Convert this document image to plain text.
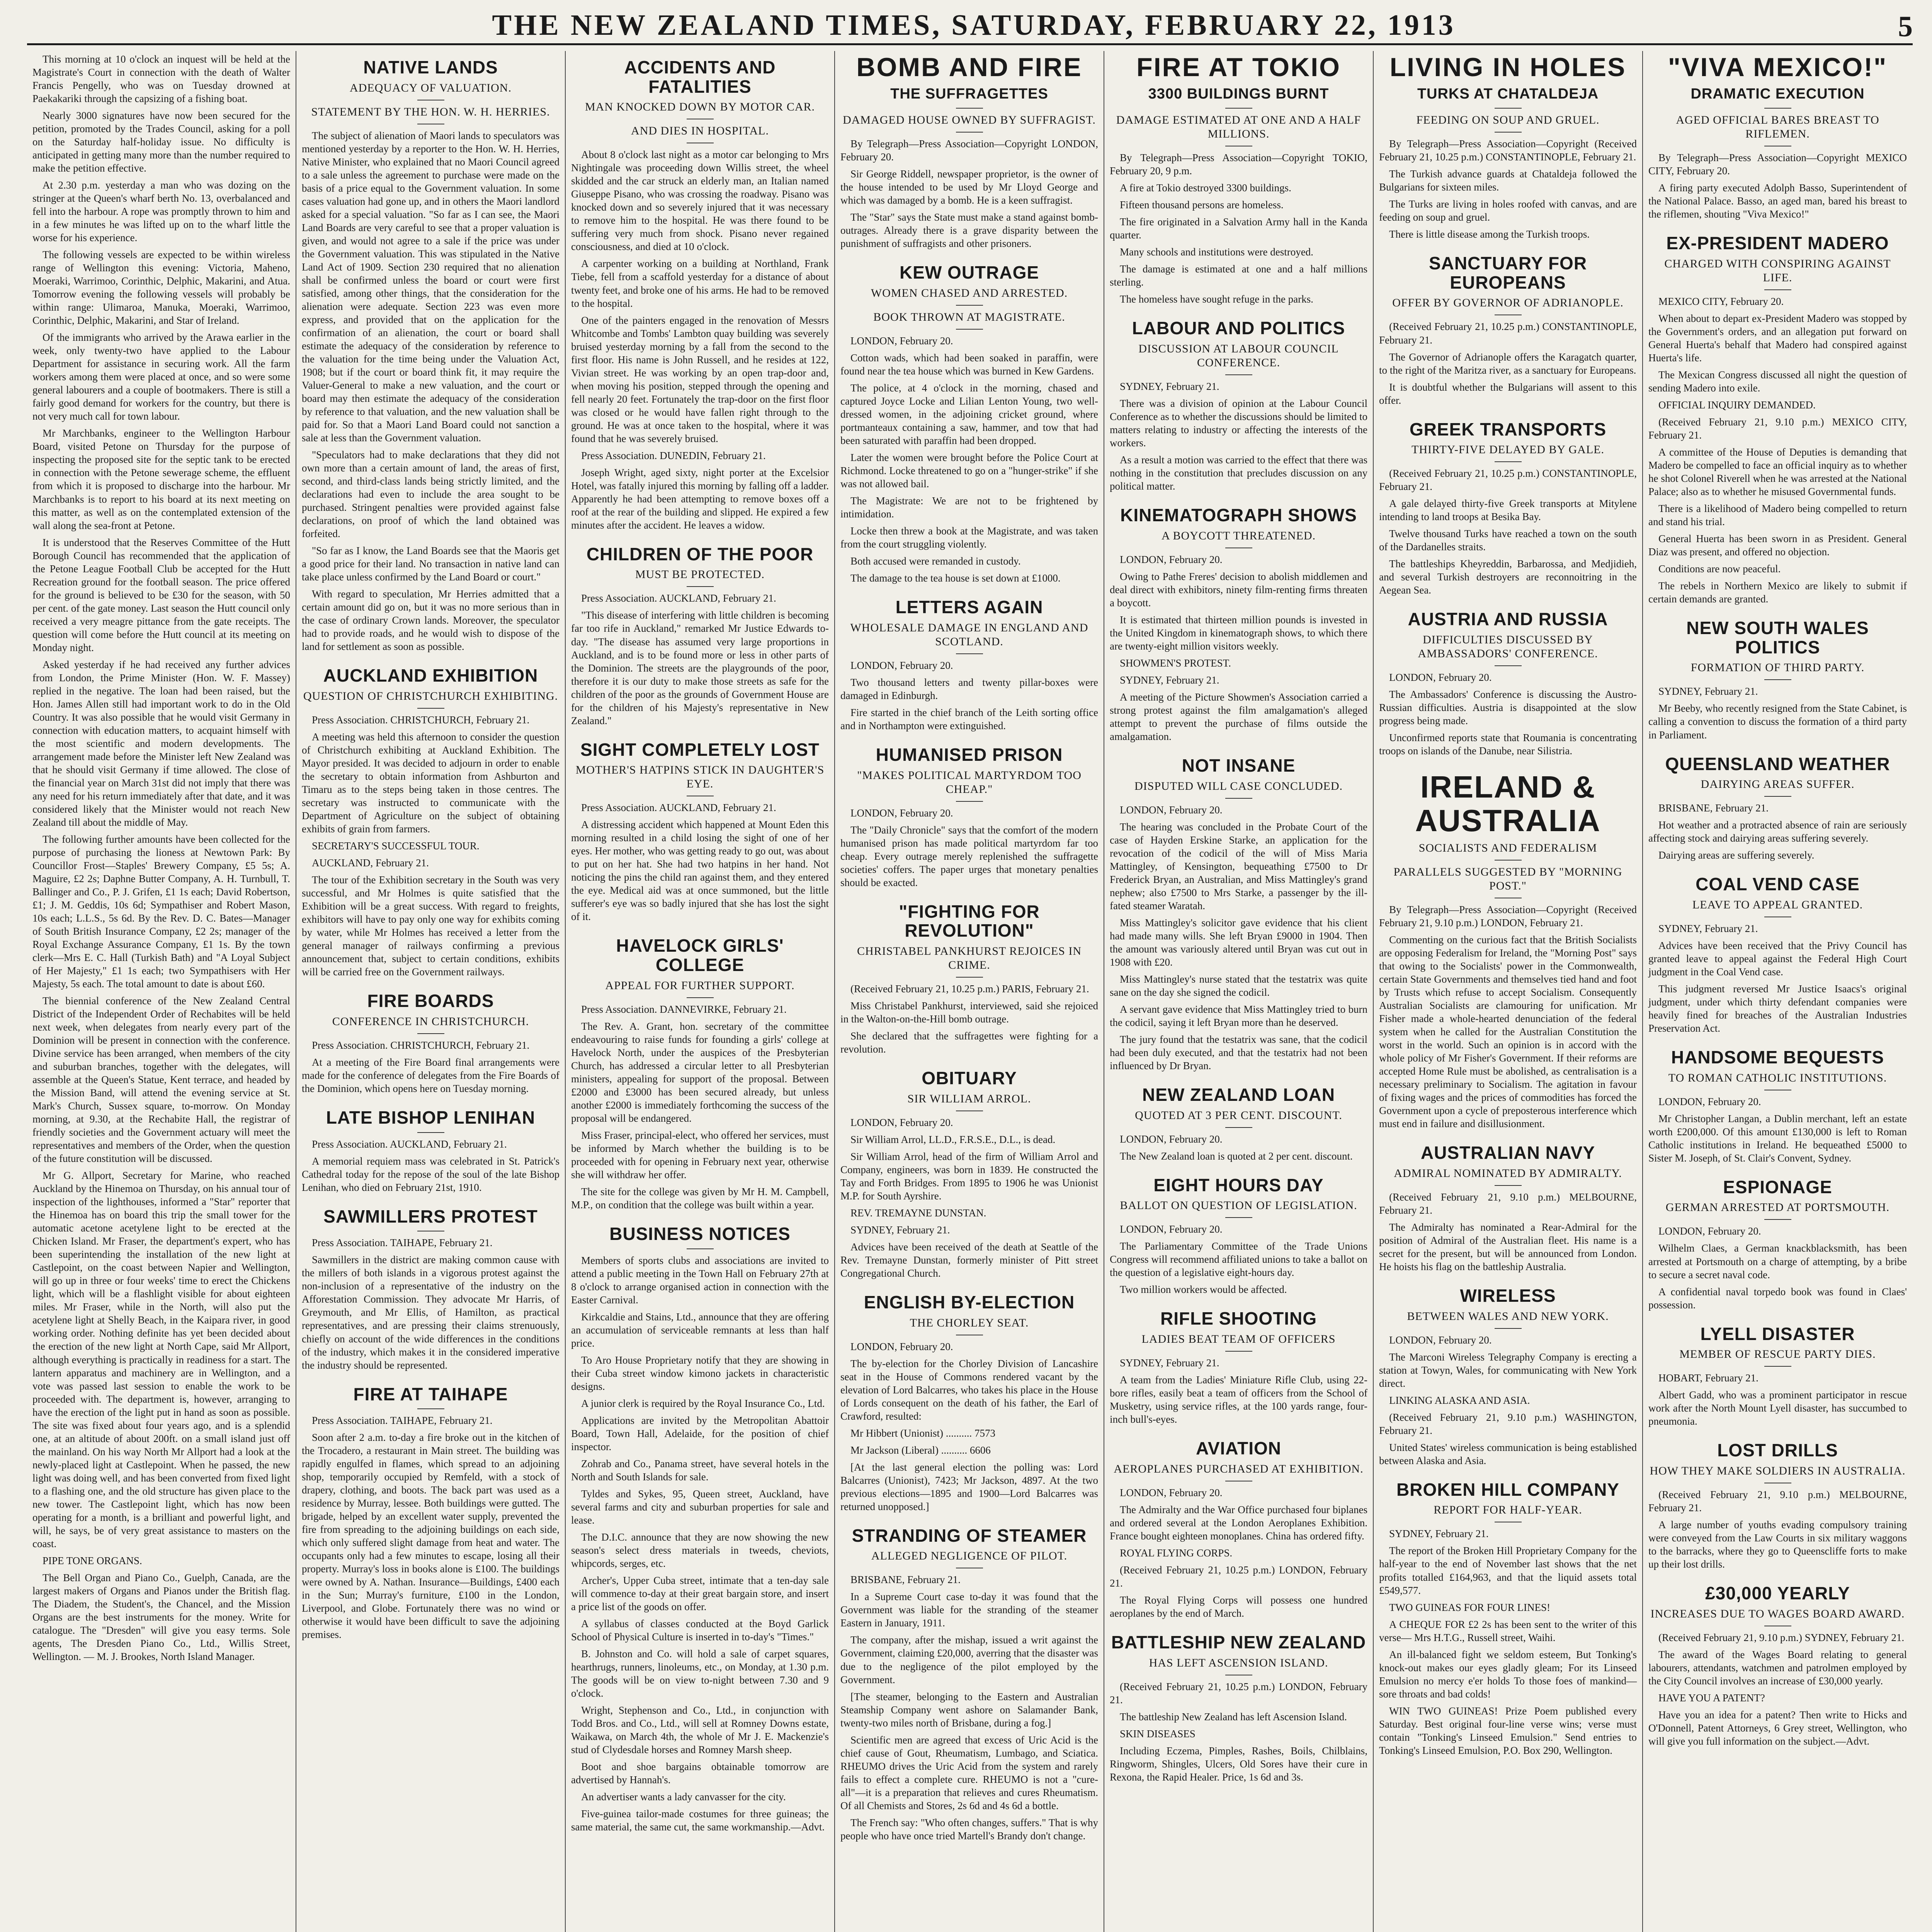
THE NEW ZEALAND TIMES, SATURDAY, FEBRUARY 22, 1913	5

This morning at 10 o'clock an inquest will be held at the Magistrate's Court in connection with the death of Walter Francis Pengelly, who was on Tuesday drowned at Paekakariki through the capsizing of a fishing boat.

Nearly 3000 signatures have now been secured for the petition, promoted by the Trades Council, asking for a poll on the Saturday half-holiday issue. No difficulty is anticipated in getting many more than the number required to make the petition effective.

At 2.30 p.m. yesterday a man who was dozing on the stringer at the Queen's wharf berth No. 13, overbalanced and fell into the harbour. A rope was promptly thrown to him and in a few minutes he was lifted up on to the wharf little the worse for his experience.

The following vessels are expected to be within wireless range of Wellington this evening: Victoria, Maheno, Moeraki, Warrimoo, Corinthic, Delphic, Makarini, and Atua. Tomorrow evening the following vessels will probably be within range: Ulimaroa, Manuka, Moeraki, Warrimoo, Corinthic, Delphic, Makarini, and Star of Ireland.

Of the immigrants who arrived by the Arawa earlier in the week, only twenty-two have applied to the Labour Department for assistance in securing work. All the farm workers among them were placed at once, and so were some general labourers and a couple of bootmakers. There is still a fairly good demand for workers for the country, but there is not very much call for town labour.

Mr Marchbanks, engineer to the Wellington Harbour Board, visited Petone on Thursday for the purpose of inspecting the proposed site for the septic tank to be erected in connection with the Petone sewerage scheme, the effluent from which it is proposed to discharge into the harbour. Mr Marchbanks is to report to his board at its next meeting on this matter, as well as on the contemplated extension of the wall along the sea-front at Petone.

It is understood that the Reserves Committee of the Hutt Borough Council has recommended that the application of the Petone League Football Club be accepted for the Hutt Recreation ground for the football season. The price offered for the ground is believed to be £30 for the season, with 50 per cent. of the gate money. Last season the Hutt council only received a very meagre pittance from the gate receipts. The question will come before the Hutt council at its meeting on Monday night.

Asked yesterday if he had received any further advices from London, the Prime Minister (Hon. W. F. Massey) replied in the negative. The loan had been raised, but the Hon. James Allen still had important work to do in the Old Country. It was also possible that he would visit Germany in connection with education matters, to acquaint himself with the most scientific and modern developments. The arrangement made before the Minister left New Zealand was that he should visit Germany if time allowed. The close of the financial year on March 31st did not imply that there was any need for his return immediately after that date, and it was considered likely that the Minister would not reach New Zealand till about the middle of May.

The following further amounts have been collected for the purpose of purchasing the lioness at Newtown Park: By Councillor Frost—Staples' Brewery Company, £5 5s; A. Maguire, £2 2s; Daphne Butter Company, A. H. Turnbull, T. Ballinger and Co., P. J. Grifen, £1 1s each; David Robertson, £1; J. M. Geddis, 10s 6d; Sympathiser and Robert Mason, 10s each; L.L.S., 5s 6d. By the Rev. D. C. Bates—Manager of South British Insurance Company, £2 2s; manager of the Royal Exchange Assurance Company, £1 1s. By the town clerk—Mrs E. C. Hall (Turkish Bath) and "A Loyal Subject of Her Majesty," £1 1s each; two Sympathisers with Her Majesty, 5s each. The total amount to date is about £60.

The biennial conference of the New Zealand Central District of the Independent Order of Rechabites will be held next week, when delegates from nearly every part of the Dominion will be present in connection with the conference. Divine service has been arranged, when members of the city and suburban branches, together with the delegates, will assemble at the Queen's Statue, Kent terrace, and headed by the Mission Band, will attend the evening service at St. Mark's Church, Sussex square, to-morrow. On Monday morning, at 9.30, at the Rechabite Hall, the registrar of friendly societies and the Government actuary will meet the representatives and members of the Order, when the question of the future constitution will be discussed.

Mr G. Allport, Secretary for Marine, who reached Auckland by the Hinemoa on Thursday, on his annual tour of inspection of the lighthouses, informed a "Star" reporter that the Hinemoa has on board this trip the small tower for the automatic acetone acetylene light to be erected at the Chicken Island. Mr Fraser, the department's expert, who has been superintending the installation of the new light at Castlepoint, on the coast between Napier and Wellington, will go up in three or four weeks' time to erect the Chickens light, which will be a flashlight visible for about eighteen miles. Mr Fraser, while in the North, will also put the acetylene light at Shelly Beach, in the Kaipara river, in good working order. Nothing definite has yet been decided about the erection of the new light at North Cape, said Mr Allport, although everything is practically in readiness for a start. The lantern apparatus and machinery are in Wellington, and a vote was passed last session to enable the work to be proceeded with. The department is, however, arranging to have the erection of the light put in hand as soon as possible. The site was fixed about four years ago, and is a splendid one, at an altitude of about 200ft. on a small island just off the mainland. On his way North Mr Allport had a look at the newly-placed light at Castlepoint. When he passed, the new light was doing well, and has been converted from fixed light to a flashing one, and the old structure has given place to the new tower. The Castlepoint light, which has now been operating for a month, is a brilliant and powerful light, and will, he says, be of very great assistance to masters on the coast.

PIPE TONE ORGANS.

The Bell Organ and Piano Co., Guelph, Canada, are the largest makers of Organs and Pianos under the British flag. The Diadem, the Student's, the Chancel, and the Mission Organs are the best instruments for the money. Write for catalogue. The "Dresden" will give you easy terms. Sole agents, The Dresden Piano Co., Ltd., Willis Street, Wellington. — M. J. Brookes, North Island Manager.

NATIVE LANDS
ADEQUACY OF VALUATION.
STATEMENT BY THE HON. W. H. HERRIES.

The subject of alienation of Maori lands to speculators was mentioned yesterday by a reporter to the Hon. W. H. Herries, Native Minister, who explained that no Maori Council agreed to a sale unless the agreement to purchase were made on the basis of a price equal to the Government valuation. In some cases valuation had gone up, and in others the Maori landlord asked for a special valuation. "So far as I can see, the Maori Land Boards are very careful to see that a proper valuation is given, and would not agree to a sale if the price was under the Government valuation. This was stipulated in the Native Land Act of 1909. Section 230 required that no alienation shall be confirmed unless the board or court were first satisfied, among other things, that the consideration for the alienation were adequate. Section 223 was even more express, and provided that on the application for the confirmation of an alienation, the court or board shall estimate the adequacy of the consideration by reference to the valuation for the time being under the Valuation Act, 1908; but if the court or board think fit, it may require the Valuer-General to make a new valuation, and the court or board may then estimate the adequacy of the consideration by reference to that valuation, and the new valuation shall be paid for. So that a Maori Land Board could not sanction a sale at less than the Government valuation.

"Speculators had to make declarations that they did not own more than a certain amount of land, the areas of first, second, and third-class lands being strictly limited, and the declarations had even to include the area sought to be purchased. Stringent penalties were provided against false declarations, on proof of which the land obtained was forfeited.

"So far as I know, the Land Boards see that the Maoris get a good price for their land. No transaction in native land can take place unless confirmed by the Land Board or court."

With regard to speculation, Mr Herries admitted that a certain amount did go on, but it was no more serious than in the case of ordinary Crown lands. Moreover, the speculator had to provide roads, and he would wish to dispose of the land for settlement as soon as possible.

AUCKLAND EXHIBITION
QUESTION OF CHRISTCHURCH EXHIBITING.

Press Association. CHRISTCHURCH, February 21.

A meeting was held this afternoon to consider the question of Christchurch exhibiting at Auckland Exhibition. The Mayor presided. It was decided to adjourn in order to enable the secretary to obtain information from Ashburton and Timaru as to the steps being taken in those centres. The secretary was instructed to communicate with the Department of Agriculture on the subject of obtaining exhibits of grain from farmers.

SECRETARY'S SUCCESSFUL TOUR.

AUCKLAND, February 21.

The tour of the Exhibition secretary in the South was very successful, and Mr Holmes is quite satisfied that the Exhibition will be a great success. With regard to freights, exhibitors will have to pay only one way for exhibits coming by water, while Mr Holmes has received a letter from the general manager of railways confirming a previous announcement that, subject to certain conditions, exhibits will be carried free on the Government railways.

FIRE BOARDS
CONFERENCE IN CHRISTCHURCH.

Press Association. CHRISTCHURCH, February 21.

At a meeting of the Fire Board final arrangements were made for the conference of delegates from the Fire Boards of the Dominion, which opens here on Tuesday morning.

LATE BISHOP LENIHAN

Press Association. AUCKLAND, February 21.

A memorial requiem mass was celebrated in St. Patrick's Cathedral today for the repose of the soul of the late Bishop Lenihan, who died on February 21st, 1910.

SAWMILLERS PROTEST

Press Association. TAIHAPE, February 21.

Sawmillers in the district are making common cause with the millers of both islands in a vigorous protest against the non-inclusion of a representative of the industry on the Afforestation Commission. They advocate Mr Harris, of Greymouth, and Mr Ellis, of Hamilton, as practical representatives, and are pressing their claims strenuously, chiefly on account of the wide differences in the conditions of the industry, which makes it in the considered imperative the industry should be represented.

FIRE AT TAIHAPE

Press Association. TAIHAPE, February 21.

Soon after 2 a.m. to-day a fire broke out in the kitchen of the Trocadero, a restaurant in Main street. The building was rapidly engulfed in flames, which spread to an adjoining shop, temporarily occupied by Remfeld, with a stock of drapery, clothing, and boots. The back part was used as a residence by Murray, lessee. Both buildings were gutted. The brigade, helped by an excellent water supply, prevented the fire from spreading to the adjoining buildings on each side, which only suffered slight damage from heat and water. The occupants only had a few minutes to escape, losing all their property. Murray's loss in books alone is £100. The buildings were owned by A. Nathan. Insurance—Buildings, £400 each in the Sun; Murray's furniture, £100 in the London, Liverpool, and Globe. Fortunately there was no wind or otherwise it would have been difficult to save the adjoining premises.

ACCIDENTS AND FATALITIES
MAN KNOCKED DOWN BY MOTOR CAR.
AND DIES IN HOSPITAL.

About 8 o'clock last night as a motor car belonging to Mrs Nightingale was proceeding down Willis street, the wheel skidded and the car struck an elderly man, an Italian named Giuseppe Pisano, who was crossing the roadway. Pisano was knocked down and so severely injured that it was necessary to remove him to the hospital. He was there found to be suffering very much from shock. Pisano never regained consciousness, and died at 10 o'clock.

A carpenter working on a building at Northland, Frank Tiebe, fell from a scaffold yesterday for a distance of about twenty feet, and broke one of his arms. He had to be removed to the hospital.

One of the painters engaged in the renovation of Messrs Whitcombe and Tombs' Lambton quay building was severely bruised yesterday morning by a fall from the second to the first floor. His name is John Russell, and he resides at 122, Vivian street. He was working by an open trap-door and, when moving his position, stepped through the opening and fell nearly 20 feet. Fortunately the trap-door on the first floor was closed or he would have fallen right through to the ground. He was at once taken to the hospital, where it was found that he was severely bruised.

Press Association. DUNEDIN, February 21.

Joseph Wright, aged sixty, night porter at the Excelsior Hotel, was fatally injured this morning by falling off a ladder. Apparently he had been attempting to remove boxes off a roof at the rear of the building and slipped. He expired a few minutes after the accident. He leaves a widow.

CHILDREN OF THE POOR
MUST BE PROTECTED.

Press Association. AUCKLAND, February 21.

"This disease of interfering with little children is becoming far too rife in Auckland," remarked Mr Justice Edwards to-day. "The disease has assumed very large proportions in Auckland, and is to be found more or less in other parts of the Dominion. The streets are the playgrounds of the poor, therefore it is our duty to make those streets as safe for the children of the poor as the grounds of Government House are for the children of his Majesty's representative in New Zealand."

SIGHT COMPLETELY LOST
MOTHER'S HATPINS STICK IN DAUGHTER'S EYE.

Press Association. AUCKLAND, February 21.

A distressing accident which happened at Mount Eden this morning resulted in a child losing the sight of one of her eyes. Her mother, who was getting ready to go out, was about to put on her hat. She had two hatpins in her hand. Not noticing the pins the child ran against them, and they entered the eye. Medical aid was at once summoned, but the little sufferer's eye was so badly injured that she has lost the sight of it.

HAVELOCK GIRLS' COLLEGE
APPEAL FOR FURTHER SUPPORT.

Press Association. DANNEVIRKE, February 21.

The Rev. A. Grant, hon. secretary of the committee endeavouring to raise funds for founding a girls' college at Havelock North, under the auspices of the Presbyterian Church, has addressed a circular letter to all Presbyterian ministers, appealing for support of the proposal. Between £2000 and £3000 has been secured already, but unless another £2000 is immediately forthcoming the success of the proposal will be endangered.

Miss Fraser, principal-elect, who offered her services, must be informed by March whether the building is to be proceeded with for opening in February next year, otherwise she will withdraw her offer.

The site for the college was given by Mr H. M. Campbell, M.P., on condition that the college was built within a year.

BUSINESS NOTICES

Members of sports clubs and associations are invited to attend a public meeting in the Town Hall on February 27th at 8 o'clock to arrange organised action in connection with the Easter Carnival.

Kirkcaldie and Stains, Ltd., announce that they are offering an accumulation of serviceable remnants at less than half price.

To Aro House Proprietary notify that they are showing in their Cuba street window kimono jackets in characteristic designs.

A junior clerk is required by the Royal Insurance Co., Ltd.

Applications are invited by the Metropolitan Abattoir Board, Town Hall, Adelaide, for the position of chief inspector.

Zohrab and Co., Panama street, have several hotels in the North and South Islands for sale.

Tyldes and Sykes, 95, Queen street, Auckland, have several farms and city and suburban properties for sale and lease.

The D.I.C. announce that they are now showing the new season's select dress materials in tweeds, cheviots, whipcords, serges, etc.

Archer's, Upper Cuba street, intimate that a ten-day sale will commence to-day at their great bargain store, and insert a price list of the goods on offer.

A syllabus of classes conducted at the Boyd Garlick School of Physical Culture is inserted in to-day's "Times."

B. Johnston and Co. will hold a sale of carpet squares, hearthrugs, runners, linoleums, etc., on Monday, at 1.30 p.m. The goods will be on view to-night between 7.30 and 9 o'clock.

Wright, Stephenson and Co., Ltd., in conjunction with Todd Bros. and Co., Ltd., will sell at Romney Downs estate, Waikawa, on March 4th, the whole of Mr J. E. Mackenzie's stud of Clydesdale horses and Romney Marsh sheep.

Boot and shoe bargains obtainable tomorrow are advertised by Hannah's.

An advertiser wants a lady canvasser for the city.

Five-guinea tailor-made costumes for three guineas; the same material, the same cut, the same workmanship.—Advt.

BOMB AND FIRE
THE SUFFRAGETTES
DAMAGED HOUSE OWNED BY SUFFRAGIST.

By Telegraph—Press Association—Copyright LONDON, February 20.

Sir George Riddell, newspaper proprietor, is the owner of the house intended to be used by Mr Lloyd George and which was damaged by a bomb. He is a keen suffragist.

The "Star" says the State must make a stand against bomb-outrages. Already there is a grave disparity between the punishment of suffragists and other prisoners.

KEW OUTRAGE
WOMEN CHASED AND ARRESTED.
BOOK THROWN AT MAGISTRATE.

LONDON, February 20.

Cotton wads, which had been soaked in paraffin, were found near the tea house which was burned in Kew Gardens.

The police, at 4 o'clock in the morning, chased and captured Joyce Locke and Lilian Lenton Young, two well-dressed women, in the adjoining cricket ground, where portmanteaux containing a saw, hammer, and tow that had been saturated with paraffin had been dropped.

Later the women were brought before the Police Court at Richmond. Locke threatened to go on a "hunger-strike" if she was not allowed bail.

The Magistrate: We are not to be frightened by intimidation.

Locke then threw a book at the Magistrate, and was taken from the court struggling violently.

Both accused were remanded in custody.

The damage to the tea house is set down at £1000.

LETTERS AGAIN
WHOLESALE DAMAGE IN ENGLAND AND SCOTLAND.

LONDON, February 20.

Two thousand letters and twenty pillar-boxes were damaged in Edinburgh.

Fire started in the chief branch of the Leith sorting office and in Northampton were extinguished.

HUMANISED PRISON
"MAKES POLITICAL MARTYRDOM TOO CHEAP."

LONDON, February 20.

The "Daily Chronicle" says that the comfort of the modern humanised prison has made political martyrdom far too cheap. Every outrage merely replenished the suffragette societies' coffers. The paper urges that monetary penalties should be exacted.

"FIGHTING FOR REVOLUTION"
CHRISTABEL PANKHURST REJOICES IN CRIME.

(Received February 21, 10.25 p.m.) PARIS, February 21.

Miss Christabel Pankhurst, interviewed, said she rejoiced in the Walton-on-the-Hill bomb outrage.

She declared that the suffragettes were fighting for a revolution.

OBITUARY
SIR WILLIAM ARROL.

LONDON, February 20.

Sir William Arrol, LL.D., F.R.S.E., D.L., is dead.

Sir William Arrol, head of the firm of William Arrol and Company, engineers, was born in 1839. He constructed the Tay and Forth Bridges. From 1895 to 1906 he was Unionist M.P. for South Ayrshire.

REV. TREMAYNE DUNSTAN.

SYDNEY, February 21.

Advices have been received of the death at Seattle of the Rev. Tremayne Dunstan, formerly minister of Pitt street Congregational Church.

ENGLISH BY-ELECTION
THE CHORLEY SEAT.

LONDON, February 20.

The by-election for the Chorley Division of Lancashire seat in the House of Commons rendered vacant by the elevation of Lord Balcarres, who takes his place in the House of Lords consequent on the death of his father, the Earl of Crawford, resulted:

Mr Hibbert (Unionist) .......... 7573

Mr Jackson (Liberal) .......... 6606

[At the last general election the polling was: Lord Balcarres (Unionist), 7423; Mr Jackson, 4897. At the two previous elections—1895 and 1900—Lord Balcarres was returned unopposed.]

STRANDING OF STEAMER
ALLEGED NEGLIGENCE OF PILOT.

BRISBANE, February 21.

In a Supreme Court case to-day it was found that the Government was liable for the stranding of the steamer Eastern in January, 1911.

The company, after the mishap, issued a writ against the Government, claiming £20,000, averring that the disaster was due to the negligence of the pilot employed by the Government.

[The steamer, belonging to the Eastern and Australian Steamship Company went ashore on Salamander Bank, twenty-two miles north of Brisbane, during a fog.]

Scientific men are agreed that excess of Uric Acid is the chief cause of Gout, Rheumatism, Lumbago, and Sciatica. RHEUMO drives the Uric Acid from the system and rarely fails to effect a complete cure. RHEUMO is not a "cure-all"—it is a preparation that relieves and cures Rheumatism. Of all Chemists and Stores, 2s 6d and 4s 6d a bottle.

The French say: "Who often changes, suffers." That is why people who have once tried Martell's Brandy don't change.

FIRE AT TOKIO
3300 BUILDINGS BURNT
DAMAGE ESTIMATED AT ONE AND A HALF MILLIONS.

By Telegraph—Press Association—Copyright TOKIO, February 20, 9 p.m.

A fire at Tokio destroyed 3300 buildings.

Fifteen thousand persons are homeless.

The fire originated in a Salvation Army hall in the Kanda quarter.

Many schools and institutions were destroyed.

The damage is estimated at one and a half millions sterling.

The homeless have sought refuge in the parks.

LABOUR AND POLITICS
DISCUSSION AT LABOUR COUNCIL CONFERENCE.

SYDNEY, February 21.

There was a division of opinion at the Labour Council Conference as to whether the discussions should be limited to matters relating to industry or affecting the interests of the workers.

As a result a motion was carried to the effect that there was nothing in the constitution that precludes discussion on any political matter.

KINEMATOGRAPH SHOWS
A BOYCOTT THREATENED.

LONDON, February 20.

Owing to Pathe Freres' decision to abolish middlemen and deal direct with exhibitors, ninety film-renting firms threaten a boycott.

It is estimated that thirteen million pounds is invested in the United Kingdom in kinematograph shows, to which there are twenty-eight million visitors weekly.

SHOWMEN'S PROTEST.

SYDNEY, February 21.

A meeting of the Picture Showmen's Association carried a strong protest against the film amalgamation's alleged attempt to prevent the purchase of films outside the amalgamation.

NOT INSANE
DISPUTED WILL CASE CONCLUDED.

LONDON, February 20.

The hearing was concluded in the Probate Court of the case of Hayden Erskine Starke, an application for the revocation of the codicil of the will of Miss Maria Mattingley, of Kensington, bequeathing £7500 to Dr Frederick Bryan, an Australian, and Miss Mattingley's grand nephew; also £7500 to Mrs Starke, a passenger by the ill-fated steamer Waratah.

Miss Mattingley's solicitor gave evidence that his client had made many wills. She left Bryan £9000 in 1904. Then the amount was variously altered until Bryan was cut out in 1908 with £20.

Miss Mattingley's nurse stated that the testatrix was quite sane on the day she signed the codicil.

A servant gave evidence that Miss Mattingley tried to burn the codicil, saying it left Bryan more than he deserved.

The jury found that the testatrix was sane, that the codicil had been duly executed, and that the testatrix had not been influenced by Dr Bryan.

NEW ZEALAND LOAN
QUOTED AT 3 PER CENT. DISCOUNT.

LONDON, February 20.

The New Zealand loan is quoted at 2 per cent. discount.

EIGHT HOURS DAY
BALLOT ON QUESTION OF LEGISLATION.

LONDON, February 20.

The Parliamentary Committee of the Trade Unions Congress will recommend affiliated unions to take a ballot on the question of a legislative eight-hours day.

Two million workers would be affected.

RIFLE SHOOTING
LADIES BEAT TEAM OF OFFICERS

SYDNEY, February 21.

A team from the Ladies' Miniature Rifle Club, using 22-bore rifles, easily beat a team of officers from the School of Musketry, using service rifles, at the 100 yards range, four-inch bull's-eyes.

AVIATION
AEROPLANES PURCHASED AT EXHIBITION.

LONDON, February 20.

The Admiralty and the War Office purchased four biplanes and ordered several at the London Aeroplanes Exhibition. France bought eighteen monoplanes. China has ordered fifty.

ROYAL FLYING CORPS.

(Received February 21, 10.25 p.m.) LONDON, February 21.

The Royal Flying Corps will possess one hundred aeroplanes by the end of March.

BATTLESHIP NEW ZEALAND
HAS LEFT ASCENSION ISLAND.

(Received February 21, 10.25 p.m.) LONDON, February 21.

The battleship New Zealand has left Ascension Island.

SKIN DISEASES

Including Eczema, Pimples, Rashes, Boils, Chilblains, Ringworm, Shingles, Ulcers, Old Sores have their cure in Rexona, the Rapid Healer. Price, 1s 6d and 3s.

LIVING IN HOLES
TURKS AT CHATALDEJA
FEEDING ON SOUP AND GRUEL.

By Telegraph—Press Association—Copyright (Received February 21, 10.25 p.m.) CONSTANTINOPLE, February 21.

The Turkish advance guards at Chataldeja followed the Bulgarians for sixteen miles.

The Turks are living in holes roofed with canvas, and are feeding on soup and gruel.

There is little disease among the Turkish troops.

SANCTUARY FOR EUROPEANS
OFFER BY GOVERNOR OF ADRIANOPLE.

(Received February 21, 10.25 p.m.) CONSTANTINOPLE, February 21.

The Governor of Adrianople offers the Karagatch quarter, to the right of the Maritza river, as a sanctuary for Europeans.

It is doubtful whether the Bulgarians will assent to this offer.

GREEK TRANSPORTS
THIRTY-FIVE DELAYED BY GALE.

(Received February 21, 10.25 p.m.) CONSTANTINOPLE, February 21.

A gale delayed thirty-five Greek transports at Mitylene intending to land troops at Besika Bay.

Twelve thousand Turks have reached a town on the south of the Dardanelles straits.

The battleships Kheyreddin, Barbarossa, and Medjidieh, and several Turkish destroyers are reconnoitring in the Aegean Sea.

AUSTRIA AND RUSSIA
DIFFICULTIES DISCUSSED BY AMBASSADORS' CONFERENCE.

LONDON, February 20.

The Ambassadors' Conference is discussing the Austro-Russian difficulties. Austria is disappointed at the slow progress being made.

Unconfirmed reports state that Roumania is concentrating troops on islands of the Danube, near Silistria.

IRELAND & AUSTRALIA
SOCIALISTS AND FEDERALISM
PARALLELS SUGGESTED BY "MORNING POST."

By Telegraph—Press Association—Copyright (Received February 21, 9.10 p.m.) LONDON, February 21.

Commenting on the curious fact that the British Socialists are opposing Federalism for Ireland, the "Morning Post" says that owing to the Socialists' power in the Commonwealth, certain State Governments and themselves tied hand and foot by Trusts which refuse to accept Socialism. Consequently Australian Socialists are clamouring for unification. Mr Fisher made a whole-hearted denunciation of the federal system when he called for the Australian Constitution the worst in the world. Such an opinion is in accord with the whole policy of Mr Fisher's Government. If their reforms are accepted Home Rule must be abolished, as centralisation is a necessary preliminary to Socialism. The agitation in favour of fixing wages and the prices of commodities has forced the Government upon a cycle of preposterous interference which must end in failure and disillusionment.

AUSTRALIAN NAVY
ADMIRAL NOMINATED BY ADMIRALTY.

(Received February 21, 9.10 p.m.) MELBOURNE, February 21.

The Admiralty has nominated a Rear-Admiral for the position of Admiral of the Australian fleet. His name is a secret for the present, but will be announced from London. He hoists his flag on the battleship Australia.

WIRELESS
BETWEEN WALES AND NEW YORK.

LONDON, February 20.

The Marconi Wireless Telegraphy Company is erecting a station at Towyn, Wales, for communicating with New York direct.

LINKING ALASKA AND ASIA.

(Received February 21, 9.10 p.m.) WASHINGTON, February 21.

United States' wireless communication is being established between Alaska and Asia.

BROKEN HILL COMPANY
REPORT FOR HALF-YEAR.

SYDNEY, February 21.

The report of the Broken Hill Proprietary Company for the half-year to the end of November last shows that the net profits totalled £164,963, and that the liquid assets total £549,577.

TWO GUINEAS FOR FOUR LINES!

A CHEQUE FOR £2 2s has been sent to the writer of this verse— Mrs H.T.G., Russell street, Waihi.

An ill-balanced fight we seldom esteem, But Tonking's knock-out makes our eyes gladly gleam; For its Linseed Emulsion no mercy e'er holds To those foes of mankind—sore throats and bad colds!

WIN TWO GUINEAS! Prize Poem published every Saturday. Best original four-line verse wins; verse must contain "Tonking's Linseed Emulsion." Send entries to Tonking's Linseed Emulsion, P.O. Box 290, Wellington.

"VIVA MEXICO!"
DRAMATIC EXECUTION
AGED OFFICIAL BARES BREAST TO RIFLEMEN.

By Telegraph—Press Association—Copyright MEXICO CITY, February 20.

A firing party executed Adolph Basso, Superintendent of the National Palace. Basso, an aged man, bared his breast to the riflemen, shouting "Viva Mexico!"

EX-PRESIDENT MADERO
CHARGED WITH CONSPIRING AGAINST LIFE.

MEXICO CITY, February 20.

When about to depart ex-President Madero was stopped by the Government's orders, and an allegation put forward on General Huerta's behalf that Madero had conspired against Huerta's life.

The Mexican Congress discussed all night the question of sending Madero into exile.

OFFICIAL INQUIRY DEMANDED.

(Received February 21, 9.10 p.m.) MEXICO CITY, February 21.

A committee of the House of Deputies is demanding that Madero be compelled to face an official inquiry as to whether he shot Colonel Riverell when he was arrested at the National Palace; also as to whether he misused Governmental funds.

There is a likelihood of Madero being compelled to return and stand his trial.

General Huerta has been sworn in as President. General Diaz was present, and offered no objection.

Conditions are now peaceful.

The rebels in Northern Mexico are likely to submit if certain demands are granted.

NEW SOUTH WALES POLITICS
FORMATION OF THIRD PARTY.

SYDNEY, February 21.

Mr Beeby, who recently resigned from the State Cabinet, is calling a convention to discuss the formation of a third party in Parliament.

QUEENSLAND WEATHER
DAIRYING AREAS SUFFER.

BRISBANE, February 21.

Hot weather and a protracted absence of rain are seriously affecting stock and dairying areas suffering severely.

Dairying areas are suffering severely.

COAL VEND CASE
LEAVE TO APPEAL GRANTED.

SYDNEY, February 21.

Advices have been received that the Privy Council has granted leave to appeal against the Federal High Court judgment in the Coal Vend case.

This judgment reversed Mr Justice Isaacs's original judgment, under which thirty defendant companies were heavily fined for breaches of the Australian Industries Preservation Act.

HANDSOME BEQUESTS
TO ROMAN CATHOLIC INSTITUTIONS.

LONDON, February 20.

Mr Christopher Langan, a Dublin merchant, left an estate worth £200,000. Of this amount £130,000 is left to Roman Catholic institutions in Ireland. He bequeathed £5000 to Sister M. Joseph, of St. Clair's Convent, Sydney.

ESPIONAGE
GERMAN ARRESTED AT PORTSMOUTH.

LONDON, February 20.

Wilhelm Claes, a German knackblacksmith, has been arrested at Portsmouth on a charge of attempting, by a bribe to secure a secret naval code.

A confidential naval torpedo book was found in Claes' possession.

LYELL DISASTER
MEMBER OF RESCUE PARTY DIES.

HOBART, February 21.

Albert Gadd, who was a prominent participator in rescue work after the North Mount Lyell disaster, has succumbed to pneumonia.

LOST DRILLS
HOW THEY MAKE SOLDIERS IN AUSTRALIA.

(Received February 21, 9.10 p.m.) MELBOURNE, February 21.

A large number of youths evading compulsory training were conveyed from the Law Courts in six military waggons to the barracks, where they go to Queenscliffe forts to make up their lost drills.

£30,000 YEARLY
INCREASES DUE TO WAGES BOARD AWARD.

(Received February 21, 9.10 p.m.) SYDNEY, February 21.

The award of the Wages Board relating to general labourers, attendants, watchmen and patrolmen employed by the City Council involves an increase of £30,000 yearly.

HAVE YOU A PATENT?

Have you an idea for a patent? Then write to Hicks and O'Donnell, Patent Attorneys, 6 Grey street, Wellington, who will give you full information on the subject.—Advt.
